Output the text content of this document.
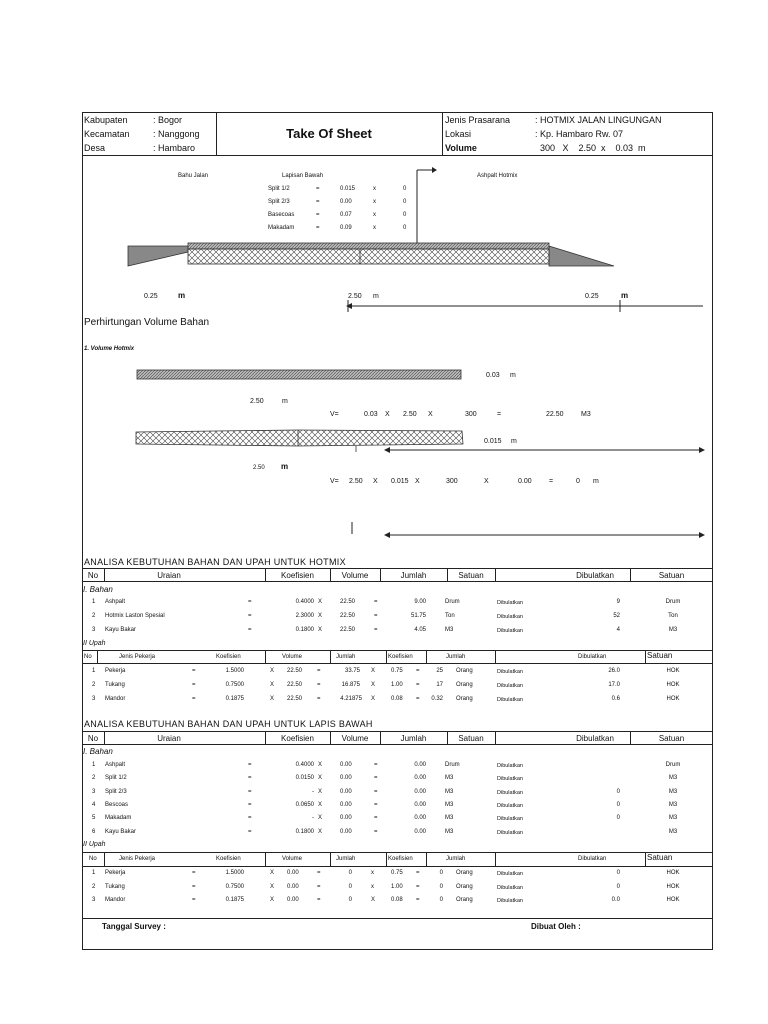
Kabupaten	: Bogor
Kecamatan	: Nanggong
Desa	: Hambaro
Take Of Sheet
Jenis Prasarana	: HOTMIX JALAN LINGUNGAN
Lokasi	: Kp. Hambaro Rw. 07
Volume	300   X    2.50  x    0.03  m
Bahu Jalan	Lapisan Bawah	Ashpalt Hotmix
Split 1/2	=	0.015	x	0
Split 2/3	=	0.00	x	0
Basecoas	=	0.07	x	0
Makadam	=	0.09	x	0
0.25	m	2.50 m	0.25	m
Perhirtungan Volume Bahan
1. Volume Hotmix
0.03 m
2.50	m
V=	0.03 X 2.50 X	300	=	22.50 M3
0.015 m
2.50 m
V= 2.50 X 0.015 X	300	X	0.00 =	0 m
ANALISA KEBUTUHAN BAHAN DAN UPAH UNTUK HOTMIX
No	Uraian	Koefisien	Volume	Jumlah	Satuan	Dibulatkan	Satuan
I. Bahan
1 Ashpalt	=	0.4000 X	22.50	=	9.00	Drum	Dibulatkan	9	Drum
2 Hotmix Laston Spesial	=	2.3000 X	22.50	=	51.75	Ton	Dibulatkan	52	Ton
3 Kayu Bakar	=	0.1800 X	22.50	=	4.05	M3	Dibulatkan	4	M3
II Upah
No	Jenis Pekerja	Koefisien	Volume	Jumlah	Koefisien	Jumlah	Dibulatkan	Satuan
1 Pekerja	=	1.5000	X 22.50 =	33.75 X	0.75 =	25 Orang	Dibulatkan	26.0	HOK
2 Tukang	=	0.7500	X 22.50 =	16.875 X	1.00 =	17 Orang	Dibulatkan	17.0	HOK
3 Mandor	=	0.1875	X 22.50 =	4.21875 X	0.08 =	0.32 Orang	Dibulatkan	0.6	HOK
ANALISA KEBUTUHAN BAHAN DAN UPAH UNTUK LAPIS BAWAH
No	Uraian	Koefisien	Volume	Jumlah	Satuan	Dibulatkan	Satuan
I. Bahan
1 Ashpalt	=	0.4000 X	0.00	=	0.00	Drum	Dibulatkan	Drum
2 Split 1/2	=	0.0150 X	0.00	=	0.00	M3	Dibulatkan	M3
3 Split 2/3	=	- X	0.00	=	0.00	M3	Dibulatkan	0	M3
4 Bescoas	=	0.0650 X	0.00	=	0.00	M3	Dibulatkan	0	M3
5 Makadam	=	- X	0.00	=	0.00	M3	Dibulatkan	0	M3
6 Kayu Bakar	=	0.1800 X	0.00	=	0.00	M3	Dibulatkan	M3
II Upah
No	Jenis Pekerja	Koefisien	Volume	Jumlah	Koefisien	Jumlah	Dibulatkan	Satuan
1 Pekerja	=	1.5000	X 0.00	=	0	x	0.75 =	0 Orang	Dibulatkan	0	HOK
2 Tukang	=	0.7500	X 0.00	=	0	x	1.00 =	0 Orang	Dibulatkan	0	HOK
3 Mandor	=	0.1875	X 0.00	=	0	X	0.08 =	0 Orang	Dibulatkan	0.0	HOK
Tanggal Survey :	Dibuat Oleh :
